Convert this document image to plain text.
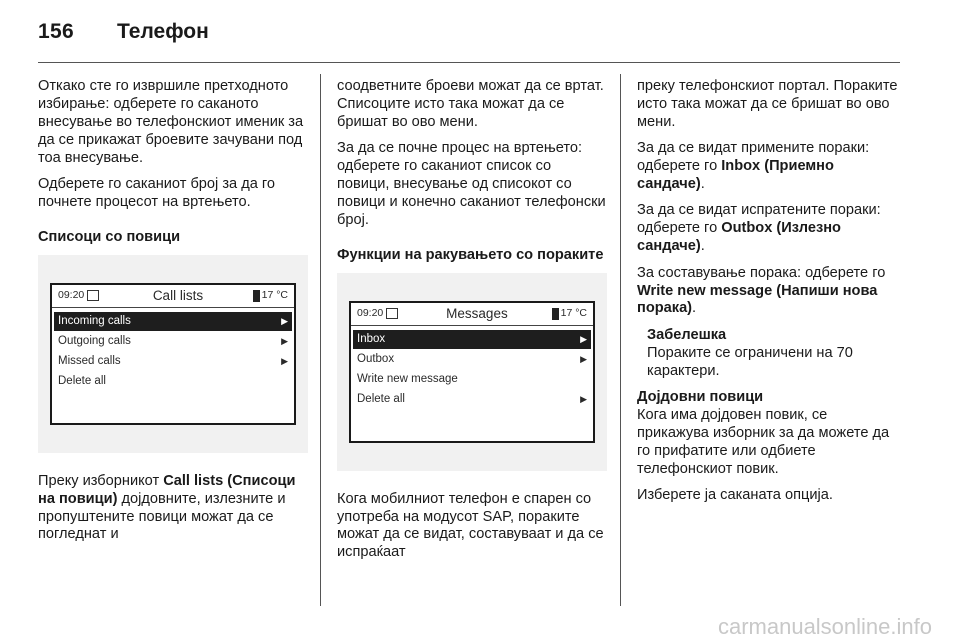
156 Телефон

Откако сте го извршиле претходното избирање: одберете го саканото внесување во телефонскиот именик за да се прикажат броевите зачувани под тоа внесување.

Одберете го саканиот број за да го почнете процесот на вртењето.

Списоци со повици
09:20	Call lists	17 °C
Incoming calls	▶
Outgoing calls	▶
Missed calls	▶
Delete all

Преку изборникот Call lists (Списоци на повици) дојдовните, излезните и пропуштените повици можат да се погледнат и

соодветните броеви можат да се вртат. Списоците исто така можат да се бришат во ово мени.

За да се почне процес на вртењето: одберете го саканиот список со повици, внесување од списокот со повици и конечно саканиот телефонски број.

Функции на ракувањето со пораките
09:20	Messages	17 °C
Inbox	▶
Outbox	▶
Write new message
Delete all	▶

Кога мобилниот телефон е спарен со употреба на модусот SAP, пораките можат да се видат, составуваат и да се испраќаат

преку телефонскиот портал. Пораките исто така можат да се бришат во ово мени.

За да се видат примените пораки: одберете го Inbox (Приемно сандаче).

За да се видат испратените пораки: одберете го Outbox (Излезно сандаче).

За составување порака: одберете го Write new message (Напиши нова порака).

Забелешка

Пораките се ограничени на 70 карактери.

Дојдовни повици

Кога има дојдовен повик, се прикажува изборник за да можете да го прифатите или одбиете телефонскиот повик.

Изберете ја саканата опција.

carmanualsonline.info
